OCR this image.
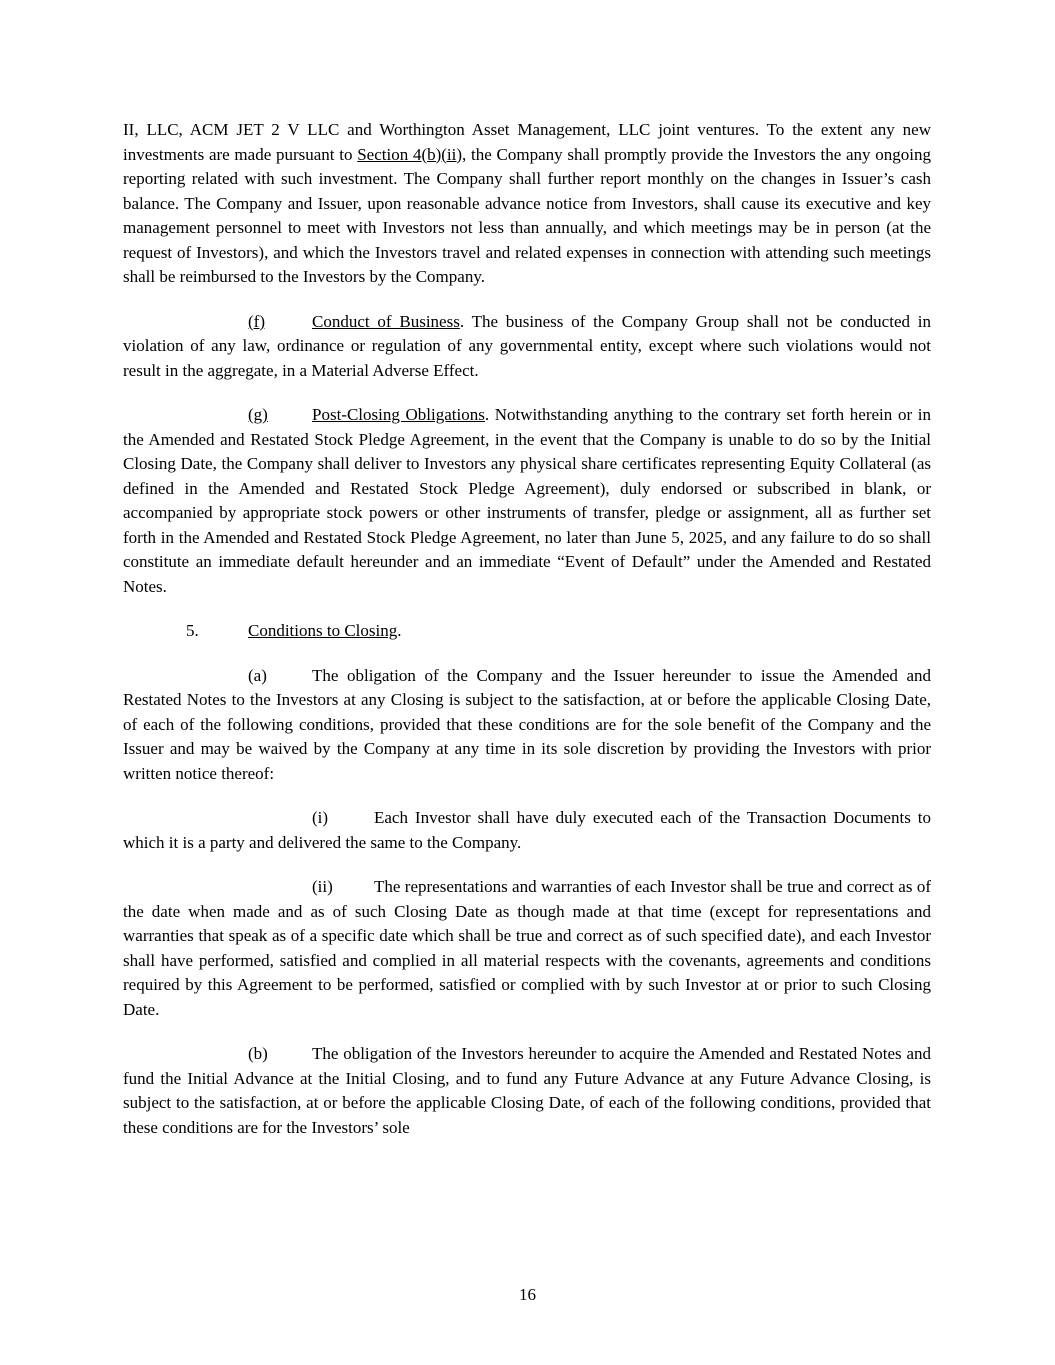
II, LLC, ACM JET 2 V LLC and Worthington Asset Management, LLC joint ventures. To the extent any new investments are made pursuant to Section 4(b)(ii), the Company shall promptly provide the Investors the any ongoing reporting related with such investment. The Company shall further report monthly on the changes in Issuer’s cash balance. The Company and Issuer, upon reasonable advance notice from Investors, shall cause its executive and key management personnel to meet with Investors not less than annually, and which meetings may be in person (at the request of Investors), and which the Investors travel and related expenses in connection with attending such meetings shall be reimbursed to the Investors by the Company.

(f)	Conduct of Business. The business of the Company Group shall not be conducted in violation of any law, ordinance or regulation of any governmental entity, except where such violations would not result in the aggregate, in a Material Adverse Effect.

(g)	Post-Closing Obligations. Notwithstanding anything to the contrary set forth herein or in the Amended and Restated Stock Pledge Agreement, in the event that the Company is unable to do so by the Initial Closing Date, the Company shall deliver to Investors any physical share certificates representing Equity Collateral (as defined in the Amended and Restated Stock Pledge Agreement), duly endorsed or subscribed in blank, or accompanied by appropriate stock powers or other instruments of transfer, pledge or assignment, all as further set forth in the Amended and Restated Stock Pledge Agreement, no later than June 5, 2025, and any failure to do so shall constitute an immediate default hereunder and an immediate “Event of Default” under the Amended and Restated Notes.

5.	Conditions to Closing.

(a)	The obligation of the Company and the Issuer hereunder to issue the Amended and Restated Notes to the Investors at any Closing is subject to the satisfaction, at or before the applicable Closing Date, of each of the following conditions, provided that these conditions are for the sole benefit of the Company and the Issuer and may be waived by the Company at any time in its sole discretion by providing the Investors with prior written notice thereof:

(i)	Each Investor shall have duly executed each of the Transaction Documents to which it is a party and delivered the same to the Company.

(ii) The representations and warranties of each Investor shall be true and correct as of the date when made and as of such Closing Date as though made at that time (except for representations and warranties that speak as of a specific date which shall be true and correct as of such specified date), and each Investor shall have performed, satisfied and complied in all material respects with the covenants, agreements and conditions required by this Agreement to be performed, satisfied or complied with by such Investor at or prior to such Closing Date.

(b)	The obligation of the Investors hereunder to acquire the Amended and Restated Notes and fund the Initial Advance at the Initial Closing, and to fund any Future Advance at any Future Advance Closing, is subject to the satisfaction, at or before the applicable Closing Date, of each of the following conditions, provided that these conditions are for the Investors’ sole

16
